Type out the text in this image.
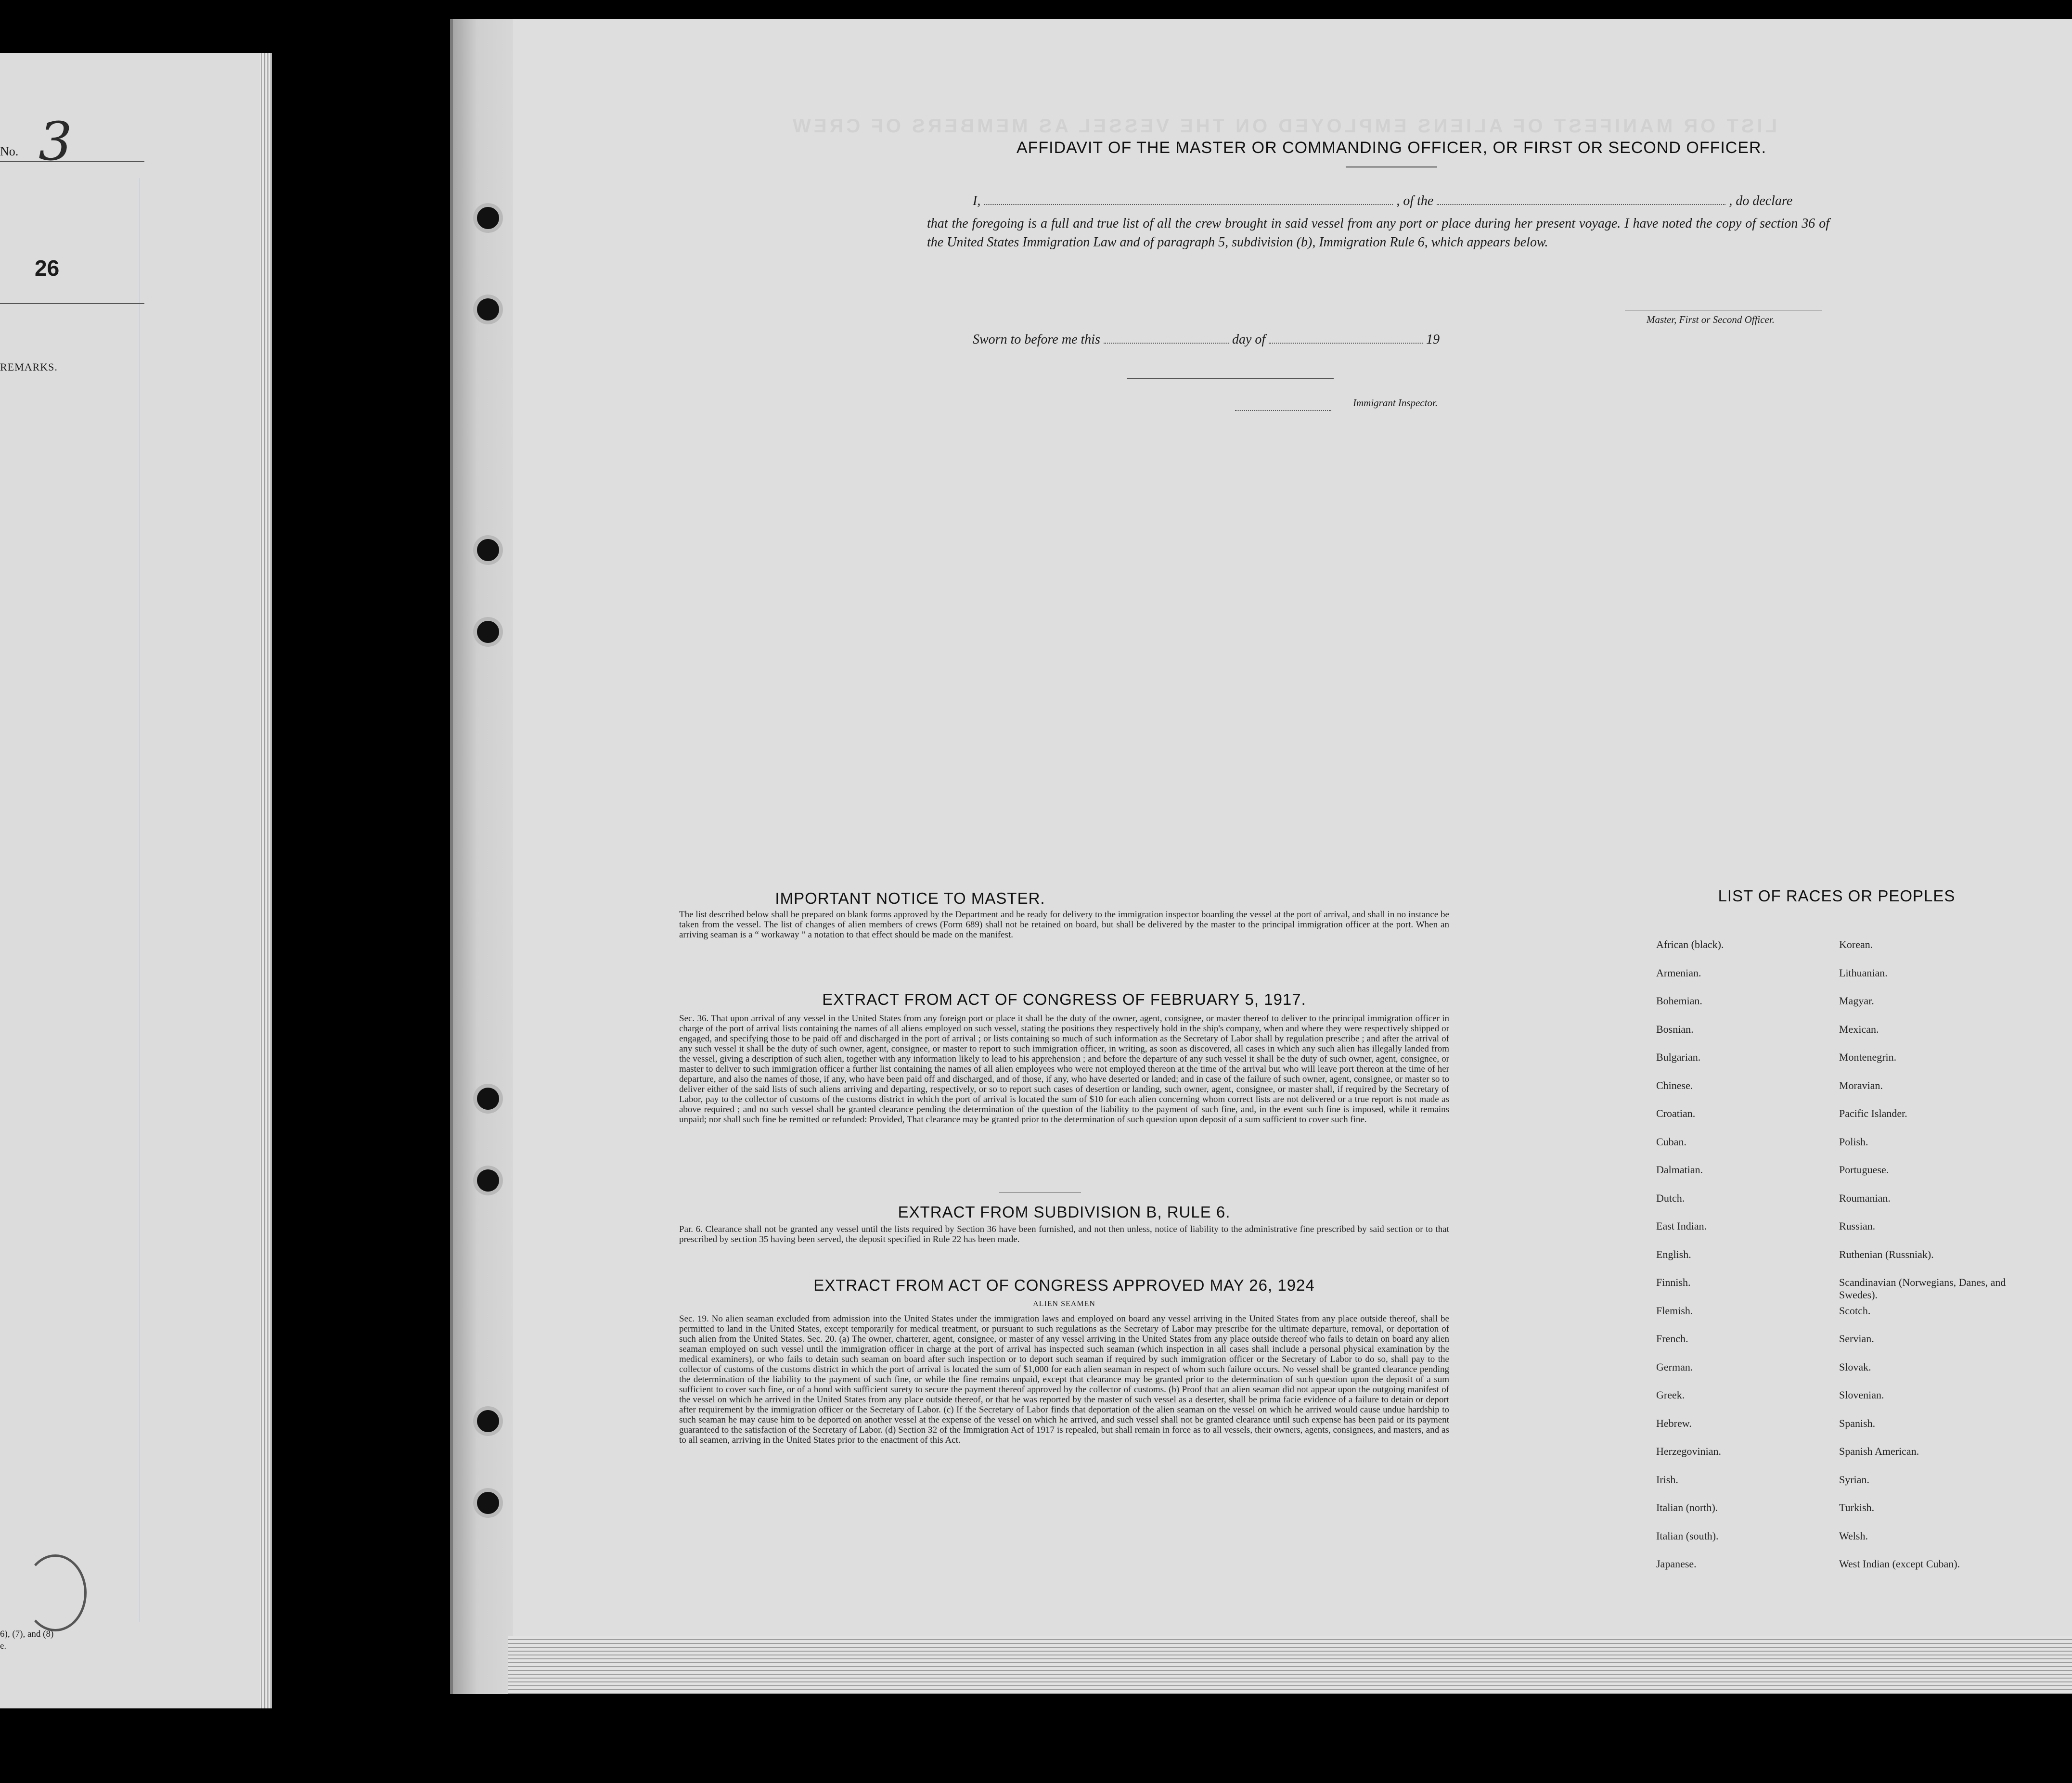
No. 3
26
REMARKS.
6), (7), and (8)
e.
LIST OR MANIFEST OF ALIENS EMPLOYED ON THE VESSEL AS MEMBERS OF CREW
AFFIDAVIT OF THE MASTER OR COMMANDING OFFICER, OR FIRST OR SECOND OFFICER.
I,	, of the	, do declare
that the foregoing is a full and true list of all the crew brought in said vessel from any port or place during her present voyage. I have noted the copy of section 36 of the United States Immigration Law and of paragraph 5, subdivision (b), Immigration Rule 6, which appears below.
Master, First or Second Officer.
Sworn to before me this	day of	19
Immigrant Inspector.
IMPORTANT NOTICE TO MASTER.
The list described below shall be prepared on blank forms approved by the Department and be ready for delivery to the immigration inspector boarding the vessel at the port of arrival, and shall in no instance be taken from the vessel. The list of changes of alien members of crews (Form 689) shall not be retained on board, but shall be delivered by the master to the principal immigration officer at the port. When an arriving seaman is a “ workaway ” a notation to that effect should be made on the manifest.
EXTRACT FROM ACT OF CONGRESS OF FEBRUARY 5, 1917.
Sec. 36. That upon arrival of any vessel in the United States from any foreign port or place it shall be the duty of the owner, agent, consignee, or master thereof to deliver to the principal immigration officer in charge of the port of arrival lists containing the names of all aliens employed on such vessel, stating the positions they respectively hold in the ship's company, when and where they were respectively shipped or engaged, and specifying those to be paid off and discharged in the port of arrival ; or lists containing so much of such information as the Secretary of Labor shall by regulation prescribe ; and after the arrival of any such vessel it shall be the duty of such owner, agent, consignee, or master to report to such immigration officer, in writing, as soon as discovered, all cases in which any such alien has illegally landed from the vessel, giving a description of such alien, together with any information likely to lead to his apprehension ; and before the departure of any such vessel it shall be the duty of such owner, agent, consignee, or master to deliver to such immigration officer a further list containing the names of all alien employees who were not employed thereon at the time of the arrival but who will leave port thereon at the time of her departure, and also the names of those, if any, who have been paid off and discharged, and of those, if any, who have deserted or landed; and in case of the failure of such owner, agent, consignee, or master so to deliver either of the said lists of such aliens arriving and departing, respectively, or so to report such cases of desertion or landing, such owner, agent, consignee, or master shall, if required by the Secretary of Labor, pay to the collector of customs of the customs district in which the port of arrival is located the sum of $10 for each alien concerning whom correct lists are not delivered or a true report is not made as above required ; and no such vessel shall be granted clearance pending the determination of the question of the liability to the payment of such fine, and, in the event such fine is imposed, while it remains unpaid; nor shall such fine be remitted or refunded: Provided, That clearance may be granted prior to the determination of such question upon deposit of a sum sufficient to cover such fine.
EXTRACT FROM SUBDIVISION B, RULE 6.
Par. 6. Clearance shall not be granted any vessel until the lists required by Section 36 have been furnished, and not then unless, notice of liability to the administrative fine prescribed by said section or to that prescribed by section 35 having been served, the deposit specified in Rule 22 has been made.
EXTRACT FROM ACT OF CONGRESS APPROVED MAY 26, 1924
ALIEN SEAMEN
Sec. 19. No alien seaman excluded from admission into the United States under the immigration laws and employed on board any vessel arriving in the United States from any place outside thereof, shall be permitted to land in the United States, except temporarily for medical treatment, or pursuant to such regulations as the Secretary of Labor may prescribe for the ultimate departure, removal, or deportation of such alien from the United States. Sec. 20. (a) The owner, charterer, agent, consignee, or master of any vessel arriving in the United States from any place outside thereof who fails to detain on board any alien seaman employed on such vessel until the immigration officer in charge at the port of arrival has inspected such seaman (which inspection in all cases shall include a personal physical examination by the medical examiners), or who fails to detain such seaman on board after such inspection or to deport such seaman if required by such immigration officer or the Secretary of Labor to do so, shall pay to the collector of customs of the customs district in which the port of arrival is located the sum of $1,000 for each alien seaman in respect of whom such failure occurs. No vessel shall be granted clearance pending the determination of the liability to the payment of such fine, or while the fine remains unpaid, except that clearance may be granted prior to the determination of such question upon the deposit of a sum sufficient to cover such fine, or of a bond with sufficient surety to secure the payment thereof approved by the collector of customs. (b) Proof that an alien seaman did not appear upon the outgoing manifest of the vessel on which he arrived in the United States from any place outside thereof, or that he was reported by the master of such vessel as a deserter, shall be prima facie evidence of a failure to detain or deport after requirement by the immigration officer or the Secretary of Labor. (c) If the Secretary of Labor finds that deportation of the alien seaman on the vessel on which he arrived would cause undue hardship to such seaman he may cause him to be deported on another vessel at the expense of the vessel on which he arrived, and such vessel shall not be granted clearance until such expense has been paid or its payment guaranteed to the satisfaction of the Secretary of Labor. (d) Section 32 of the Immigration Act of 1917 is repealed, but shall remain in force as to all vessels, their owners, agents, consignees, and masters, and as to all seamen, arriving in the United States prior to the enactment of this Act.
LIST OF RACES OR PEOPLES
African (black).
Armenian.
Bohemian.
Bosnian.
Bulgarian.
Chinese.
Croatian.
Cuban.
Dalmatian.
Dutch.
East Indian.
English.
Finnish.
Flemish.
French.
German.
Greek.
Hebrew.
Herzegovinian.
Irish.
Italian (north).
Italian (south).
Japanese.
Korean.
Lithuanian.
Magyar.
Mexican.
Montenegrin.
Moravian.
Pacific Islander.
Polish.
Portuguese.
Roumanian.
Russian.
Ruthenian (Russniak).
Scandinavian (Norwegians, Danes, and Swedes).
Scotch.
Servian.
Slovak.
Slovenian.
Spanish.
Spanish American.
Syrian.
Turkish.
Welsh.
West Indian (except Cuban).
